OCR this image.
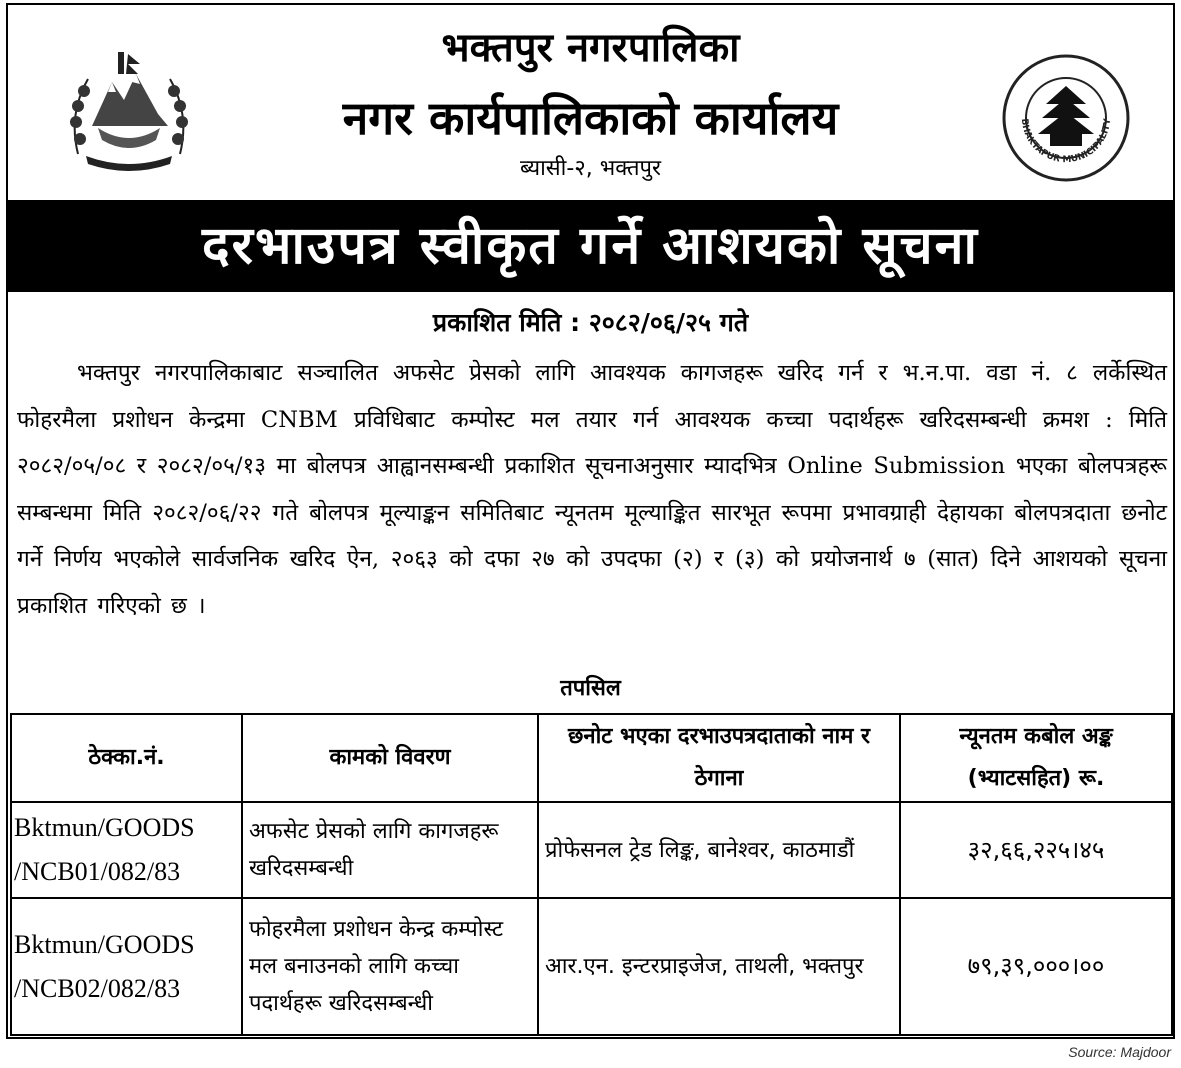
भक्तपुर नगरपालिका
नगर कार्यपालिकाको कार्यालय
ब्यासी-२, भक्तपुर
BHAKTAPUR MUNICIPALITY
दरभाउपत्र स्वीकृत गर्ने आशयको सूचना
प्रकाशित मिति : २०८२/०६/२५ गते

भक्तपुर नगरपालिकाबाट सञ्चालित अफसेट प्रेसको लागि आवश्यक कागजहरू खरिद गर्न र भ.न.पा. वडा नं. ८ लर्केस्थित फोहरमैला प्रशोधन केन्द्रमा CNBM प्रविधिबाट कम्पोस्ट मल तयार गर्न आवश्यक कच्चा पदार्थहरू खरिदसम्बन्धी क्रमश : मिति २०८२/०५/०८ र २०८२/०५/१३ मा बोलपत्र आह्वानसम्बन्धी प्रकाशित सूचनाअनुसार म्यादभित्र Online Submission भएका बोलपत्रहरू सम्बन्धमा मिति २०८२/०६/२२ गते बोलपत्र मूल्याङ्कन समितिबाट न्यूनतम मूल्याङ्कित सारभूत रूपमा प्रभावग्राही देहायका बोलपत्रदाता छनोट गर्ने निर्णय भएकोले सार्वजनिक खरिद ऐन, २०६३ को दफा २७ को उपदफा (२) र (३) को प्रयोजनार्थ ७ (सात) दिने आशयको सूचना प्रकाशित गरिएको छ ।

तपसिल
ठेक्का.नं.	कामको विवरण	छनोट भएका दरभाउपत्रदाताको नाम र ठेगाना	न्यूनतम कबोल अङ्क (भ्याटसहित) रू.
Bktmun/GOODS /NCB01/082/83	अफसेट प्रेसको लागि कागजहरू खरिदसम्बन्धी	प्रोफेसनल ट्रेड लिङ्क, बानेश्वर, काठमाडौं	३२,६६,२२५।४५
Bktmun/GOODS /NCB02/082/83	फोहरमैला प्रशोधन केन्द्र कम्पोस्ट मल बनाउनको लागि कच्चा पदार्थहरू खरिदसम्बन्धी	आर.एन. इन्टरप्राइजेज, ताथली, भक्तपुर	७९,३९,०००।००
Source: Majdoor
